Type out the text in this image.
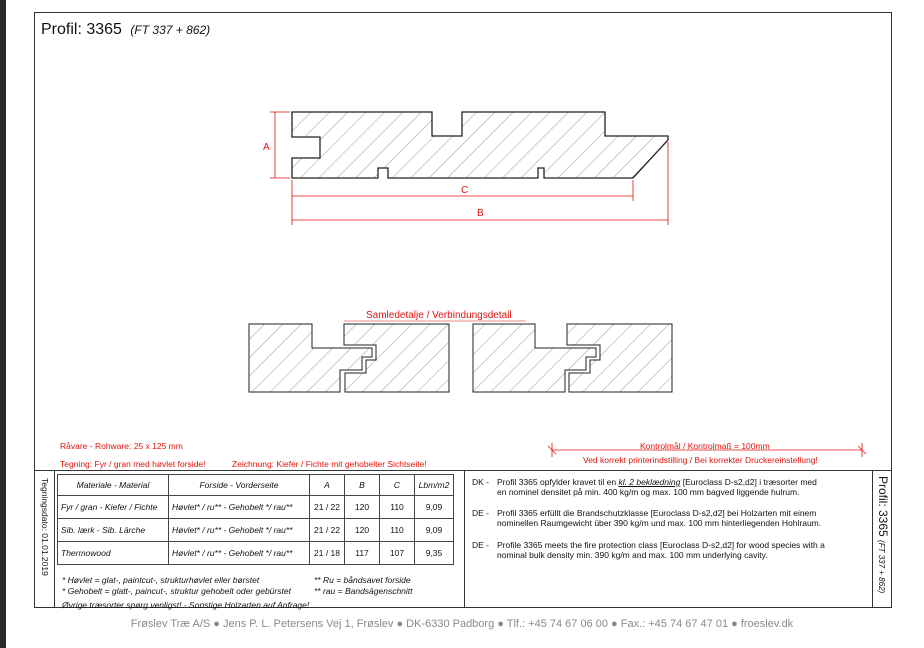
Profil: 3365 (FT 337 + 862)
A
C
B
Samledetalje / Verbindungsdetail
Råvare - Rohware: 25 x 125 mm
Tegning: Fyr / gran med høvlet forside!	Zeichnung: Kiefer / Fichte mit gehobelter Sichtseite!
Kontrolmål / Kontrolmaß = 100mm
Ved korrekt printerindstilling / Bei korrekter Druckereinstellung!
Tegningsdato: 01.01.2019	Materiale - Material	Forside - Vorderseite	A	B	C	Lbm/m2
Fyr / gran - Kiefer / Fichte	Høvlet* / ru** - Gehobelt */ rau**	21 / 22	120	110	9,09
Sib. lærk - Sib. Lärche	Høvlet* / ru** - Gehobelt */ rau**	21 / 22	120	110	9,09
Thermowood	Høvlet* / ru** - Gehobelt */ rau**	21 / 18	117	107	9,35
* Høvlet = glat-, paintcut-, strukturhøvlet eller børstet	** Ru = båndsavet forside
* Gehobelt = glatt-, paincut-, struktur gehobelt oder gebürstet	** rau = Bandsägenschnitt
Øvrige træsorter spørg venligst! - Sonstige Holzarten auf Anfrage!
DK - Profil 3365 opfylder kravet til en kl. 2 beklædning [Euroclass D-s2,d2] i træsorter med

en nominel densitet på min. 400 kg/m og max. 100 mm bagved liggende hulrum.

DE - Profil 3365 erfüllt die Brandschutzklasse [Euroclass D-s2,d2] bei Holzarten mit einem

nominellen Raumgewicht über 390 kg/m und max. 100 mm hinterliegenden Hohlraum.

DE - Profile 3365 meets the fire protection class [Euroclass D-s2,d2] for wood species with a

nominal bulk density min. 390 kg/m and max. 100 mm underlying cavity.

Profil: 3365 (FT 337 + 862)
Frøslev Træ A/S ● Jens P. L. Petersens Vej 1, Frøslev ● DK-6330 Padborg ● Tlf.: +45 74 67 06 00 ● Fax.: +45 74 67 47 01 ● froeslev.dk
